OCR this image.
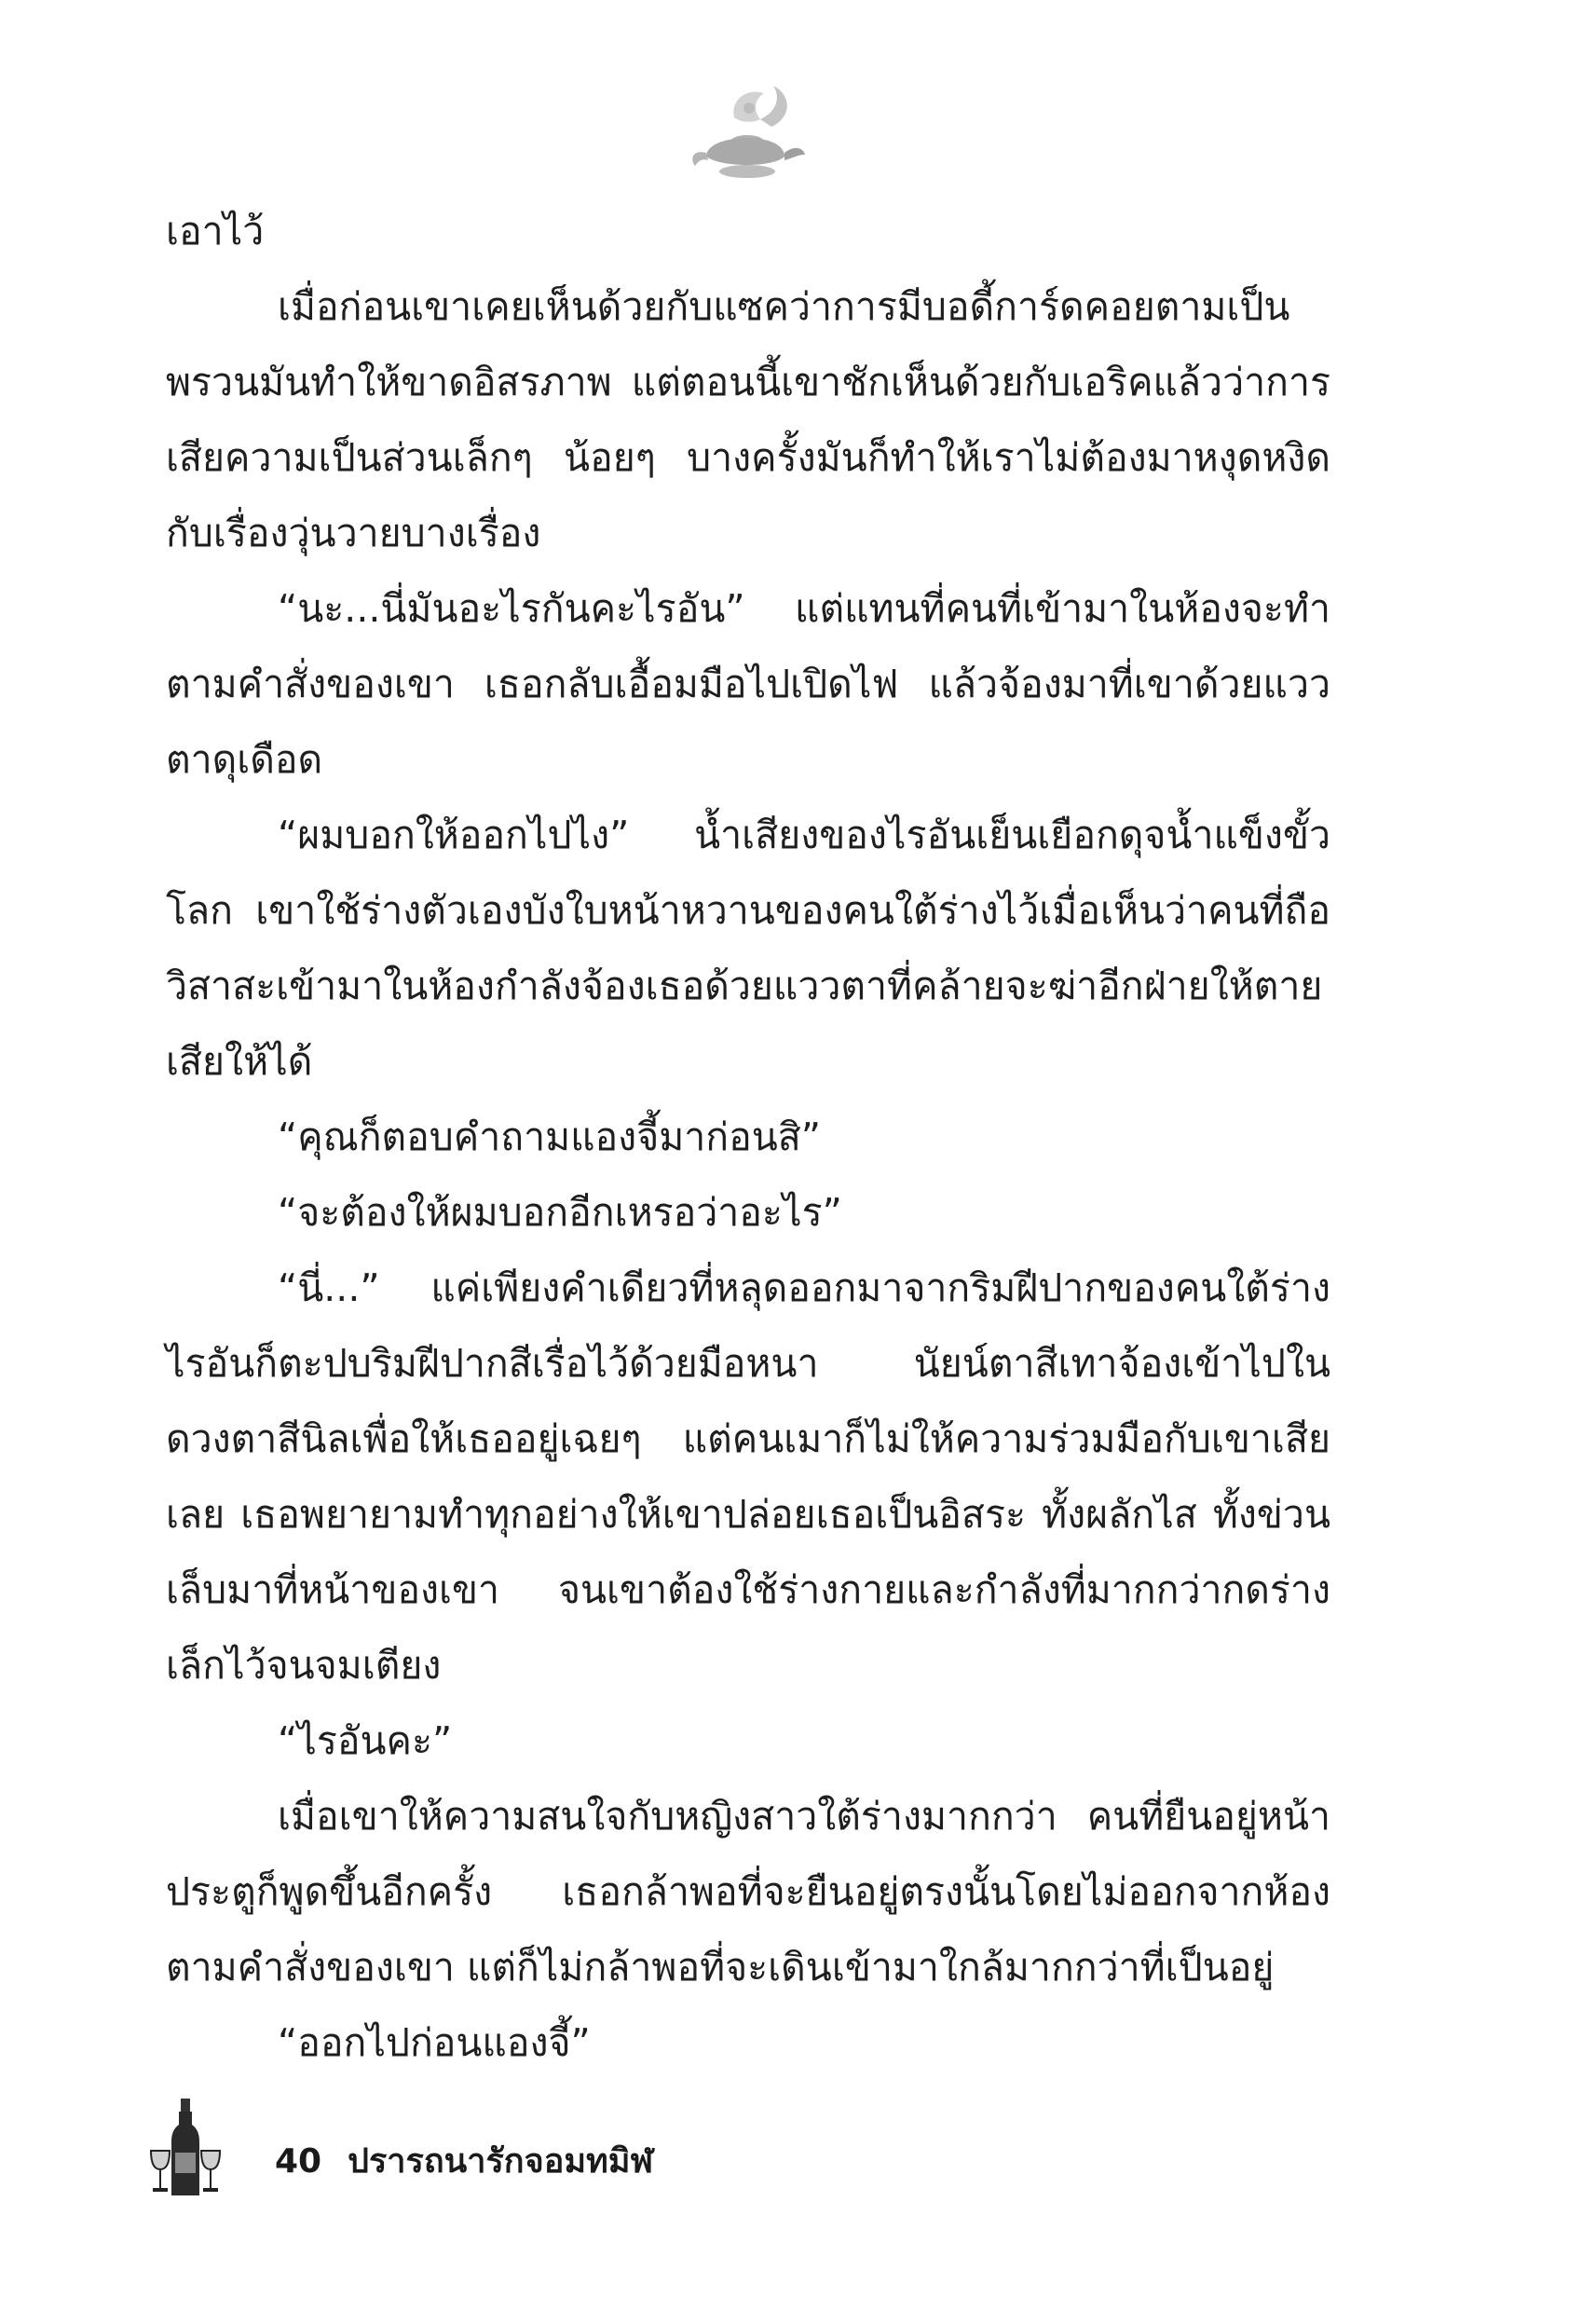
เอาไว้

เมื่อก่อนเขาเคยเห็นด้วยกับแซคว่าการมีบอดี้การ์ดคอยตามเป็นพรวนมันทำให้ขาดอิสรภาพ แต่ตอนนี้เขาชักเห็นด้วยกับเอริคแล้วว่าการเสียความเป็นส่วนเล็กๆ น้อยๆ บางครั้งมันก็ทำให้เราไม่ต้องมาหงุดหงิดกับเรื่องวุ่นวายบางเรื่อง

“นะ...นี่มันอะไรกันคะไรอัน” แต่แทนที่คนที่เข้ามาในห้องจะทำตามคำสั่งของเขา เธอกลับเอื้อมมือไปเปิดไฟ แล้วจ้องมาที่เขาด้วยแววตาดุเดือด

“ผมบอกให้ออกไปไง” น้ำเสียงของไรอันเย็นเยือกดุจน้ำแข็งขั้วโลก เขาใช้ร่างตัวเองบังใบหน้าหวานของคนใต้ร่างไว้เมื่อเห็นว่าคนที่ถือวิสาสะเข้ามาในห้องกำลังจ้องเธอด้วยแววตาที่คล้ายจะฆ่าอีกฝ่ายให้ตายเสียให้ได้

“คุณก็ตอบคำถามแองจี้มาก่อนสิ”

“จะต้องให้ผมบอกอีกเหรอว่าอะไร”

“นี่...” แค่เพียงคำเดียวที่หลุดออกมาจากริมฝีปากของคนใต้ร่าง ไรอันก็ตะปบริมฝีปากสีเรื่อไว้ด้วยมือหนา นัยน์ตาสีเทาจ้องเข้าไปในดวงตาสีนิลเพื่อให้เธออยู่เฉยๆ แต่คนเมาก็ไม่ให้ความร่วมมือกับเขาเสียเลย เธอพยายามทำทุกอย่างให้เขาปล่อยเธอเป็นอิสระ ทั้งผลักไส ทั้งข่วนเล็บมาที่หน้าของเขา จนเขาต้องใช้ร่างกายและกำลังที่มากกว่ากดร่างเล็กไว้จนจมเตียง

“ไรอันคะ”

เมื่อเขาให้ความสนใจกับหญิงสาวใต้ร่างมากกว่า คนที่ยืนอยู่หน้าประตูก็พูดขึ้นอีกครั้ง เธอกล้าพอที่จะยืนอยู่ตรงนั้นโดยไม่ออกจากห้องตามคำสั่งของเขา แต่ก็ไม่กล้าพอที่จะเดินเข้ามาใกล้มากกว่าที่เป็นอยู่

“ออกไปก่อนแองจี้”

40 ปรารถนารักจอมทมิฬ
